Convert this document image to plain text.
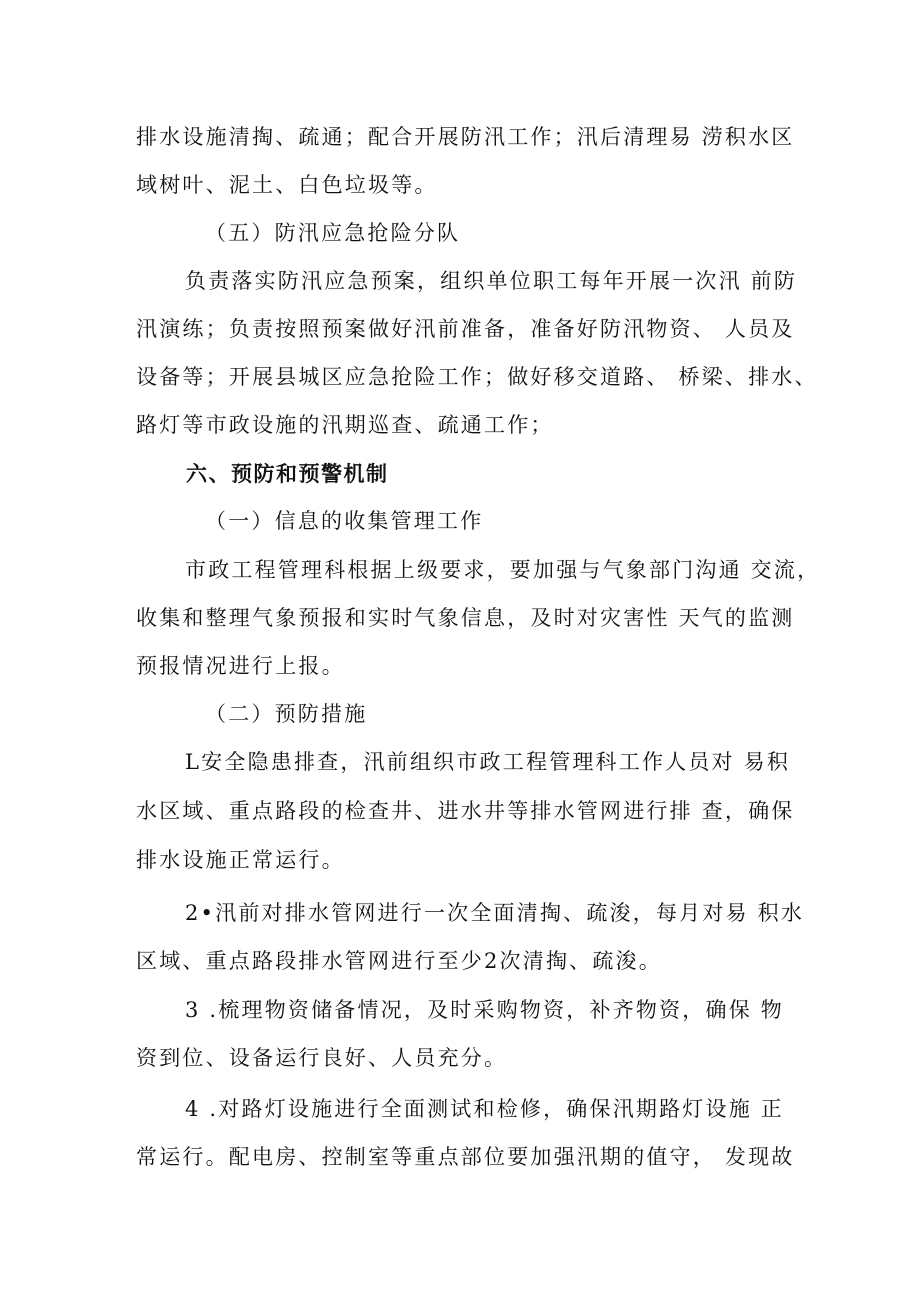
排水设施清掏、疏通；配合开展防汛工作；汛后清理易 涝积水区
域树叶、泥土、白色垃圾等。
（五）防汛应急抢险分队
负责落实防汛应急预案，组织单位职工每年开展一次汛 前防
汛演练；负责按照预案做好汛前准备，准备好防汛物资、 人员及
设备等；开展县城区应急抢险工作；做好移交道路、 桥梁、排水、
路灯等市政设施的汛期巡查、疏通工作；
六、预防和预警机制
（一）信息的收集管理工作
市政工程管理科根据上级要求，要加强与气象部门沟通 交流，
收集和整理气象预报和实时气象信息，及时对灾害性 天气的监测
预报情况进行上报。
（二）预防措施
L安全隐患排查，汛前组织市政工程管理科工作人员对 易积
水区域、重点路段的检查井、进水井等排水管网进行排 查，确保
排水设施正常运行。
2•汛前对排水管网进行一次全面清掏、疏浚，每月对易 积水
区域、重点路段排水管网进行至少2次清掏、疏浚。
3 .梳理物资储备情况，及时采购物资，补齐物资，确保 物
资到位、设备运行良好、人员充分。
4 .对路灯设施进行全面测试和检修，确保汛期路灯设施 正
常运行。配电房、控制室等重点部位要加强汛期的值守， 发现故
